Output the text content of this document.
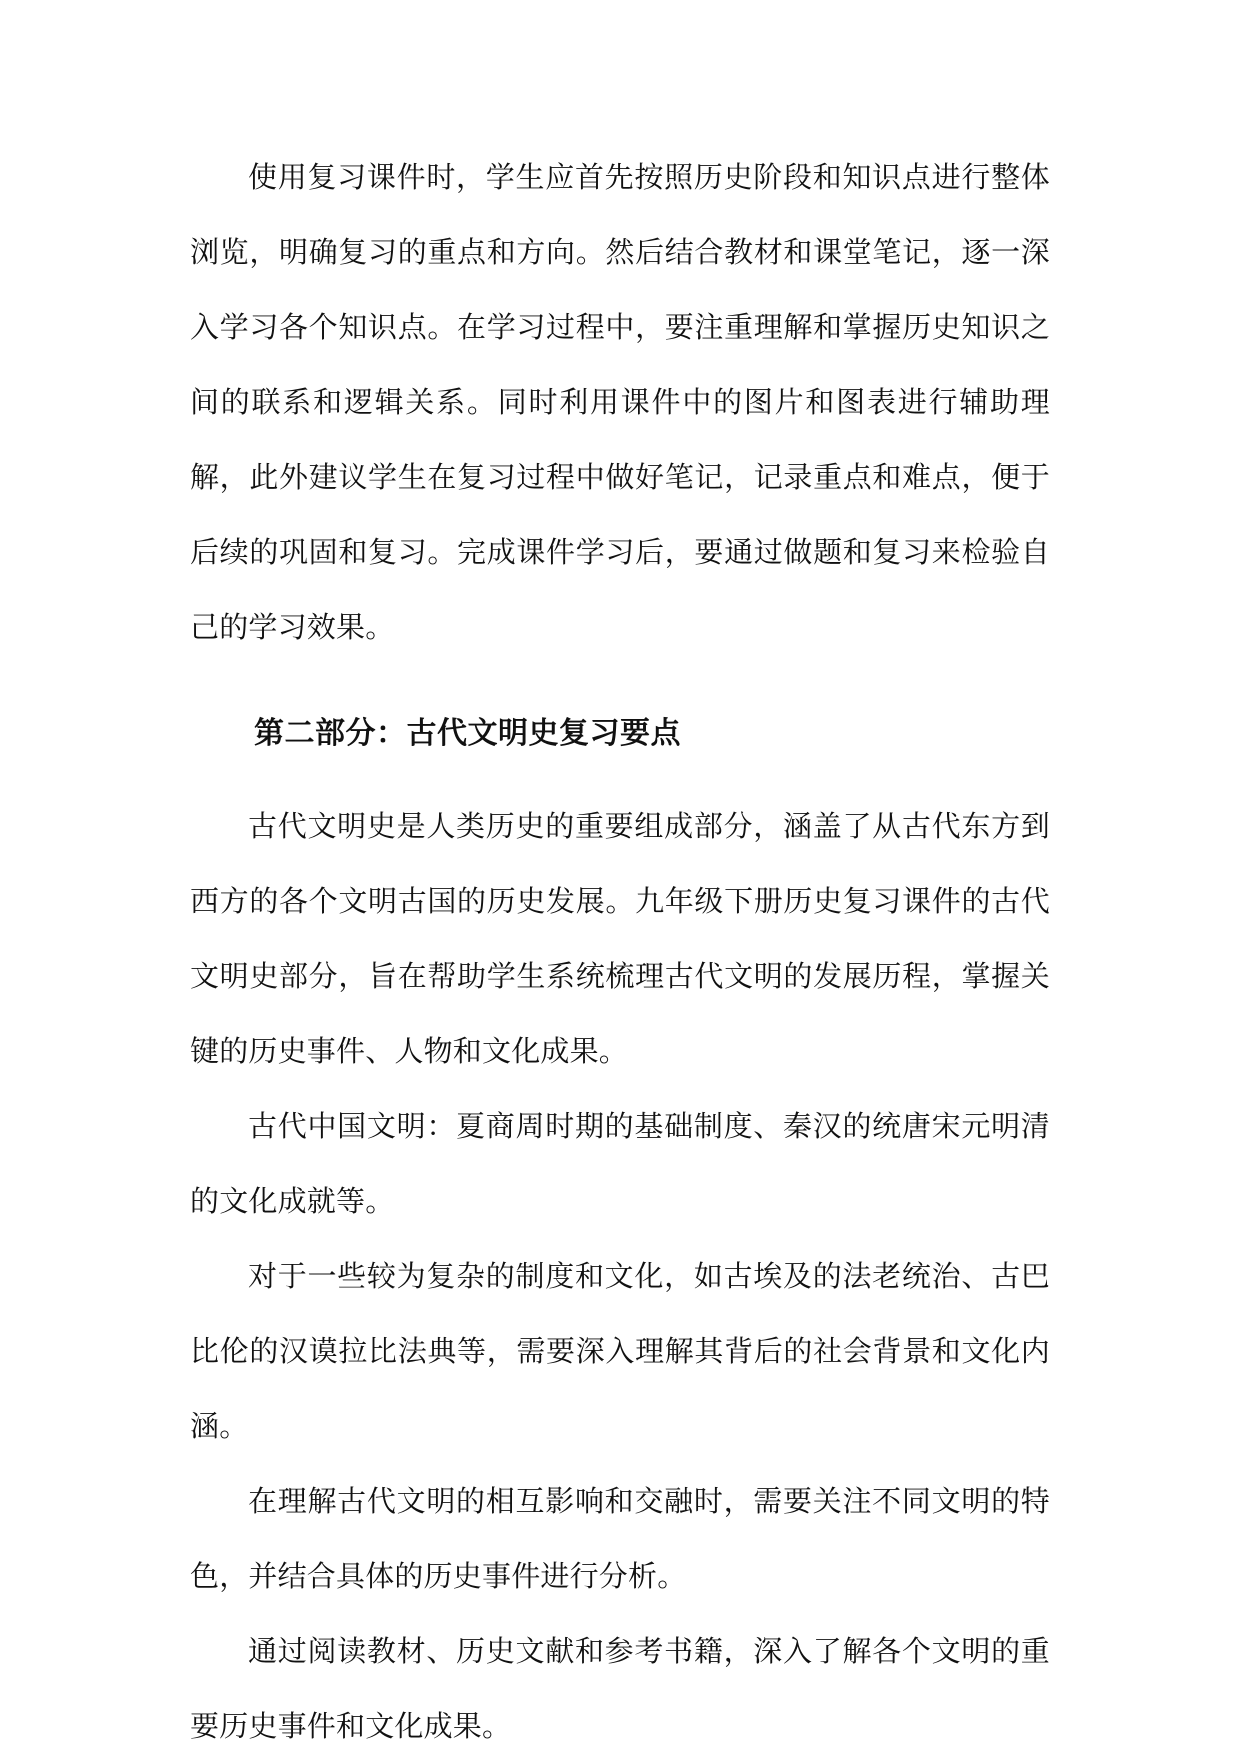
使用复习课件时，学生应首先按照历史阶段和知识点进行整体浏览，明确复习的重点和方向。然后结合教材和课堂笔记，逐一深入学习各个知识点。在学习过程中，要注重理解和掌握历史知识之间的联系和逻辑关系。同时利用课件中的图片和图表进行辅助理解，此外建议学生在复习过程中做好笔记，记录重点和难点，便于后续的巩固和复习。完成课件学习后，要通过做题和复习来检验自己的学习效果。

第二部分：古代文明史复习要点

古代文明史是人类历史的重要组成部分，涵盖了从古代东方到西方的各个文明古国的历史发展。九年级下册历史复习课件的古代文明史部分，旨在帮助学生系统梳理古代文明的发展历程，掌握关键的历史事件、人物和文化成果。

古代中国文明：夏商周时期的基础制度、秦汉的统唐宋元明清的文化成就等。

对于一些较为复杂的制度和文化，如古埃及的法老统治、古巴比伦的汉谟拉比法典等，需要深入理解其背后的社会背景和文化内涵。

在理解古代文明的相互影响和交融时，需要关注不同文明的特色，并结合具体的历史事件进行分析。

通过阅读教材、历史文献和参考书籍，深入了解各个文明的重要历史事件和文化成果。
